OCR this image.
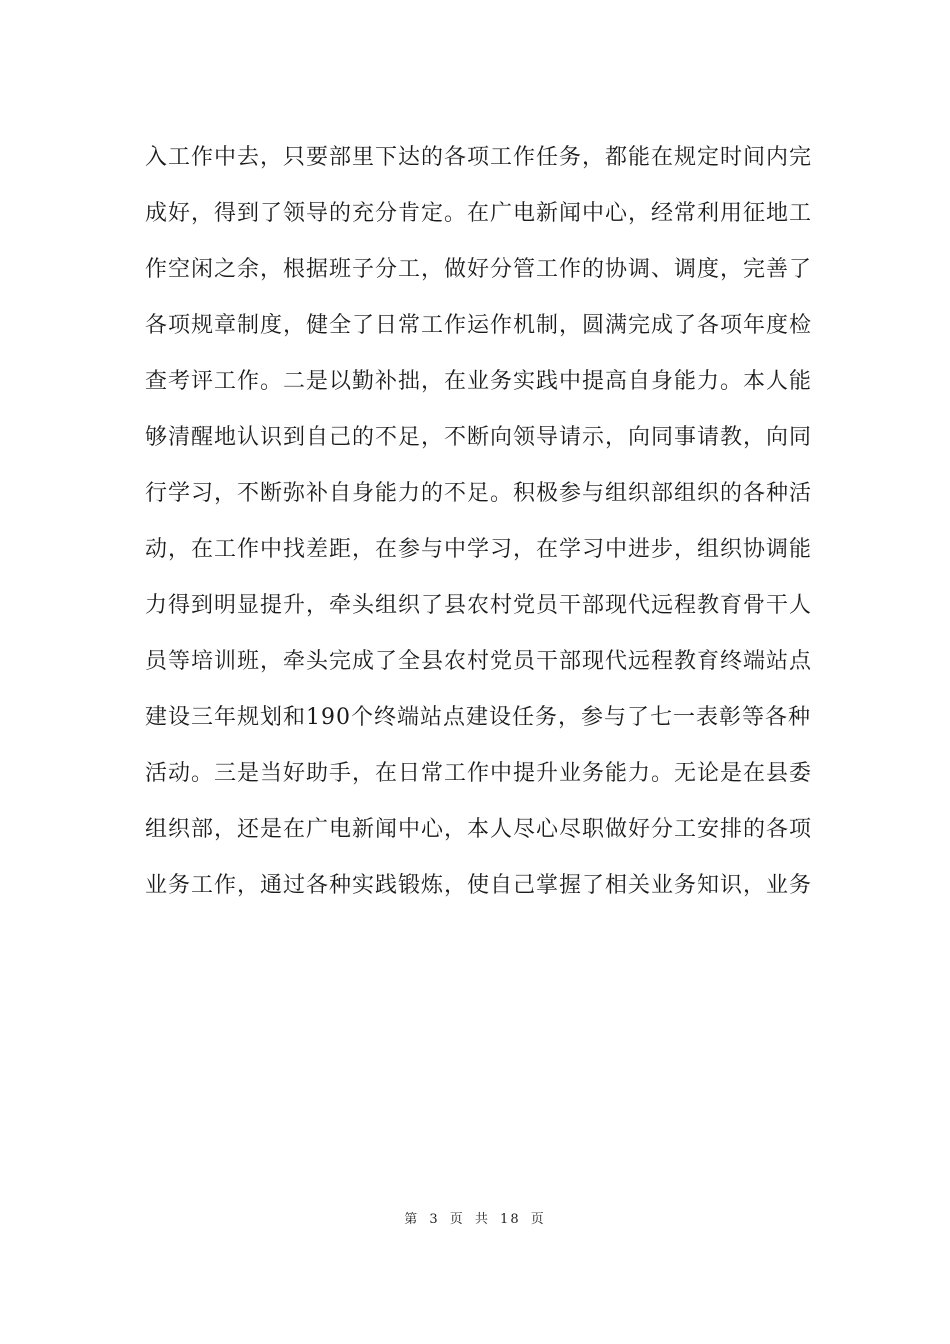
入工作中去，只要部里下达的各项工作任务，都能在规定时间内完
成好，得到了领导的充分肯定。在广电新闻中心，经常利用征地工
作空闲之余，根据班子分工，做好分管工作的协调、调度，完善了
各项规章制度，健全了日常工作运作机制，圆满完成了各项年度检
查考评工作。二是以勤补拙，在业务实践中提高自身能力。本人能
够清醒地认识到自己的不足，不断向领导请示，向同事请教，向同
行学习，不断弥补自身能力的不足。积极参与组织部组织的各种活
动，在工作中找差距，在参与中学习，在学习中进步，组织协调能
力得到明显提升，牵头组织了县农村党员干部现代远程教育骨干人
员等培训班，牵头完成了全县农村党员干部现代远程教育终端站点
建设三年规划和190个终端站点建设任务，参与了七一表彰等各种
活动。三是当好助手，在日常工作中提升业务能力。无论是在县委
组织部，还是在广电新闻中心，本人尽心尽职做好分工安排的各项
业务工作，通过各种实践锻炼，使自己掌握了相关业务知识，业务
第 3 页 共 18 页
